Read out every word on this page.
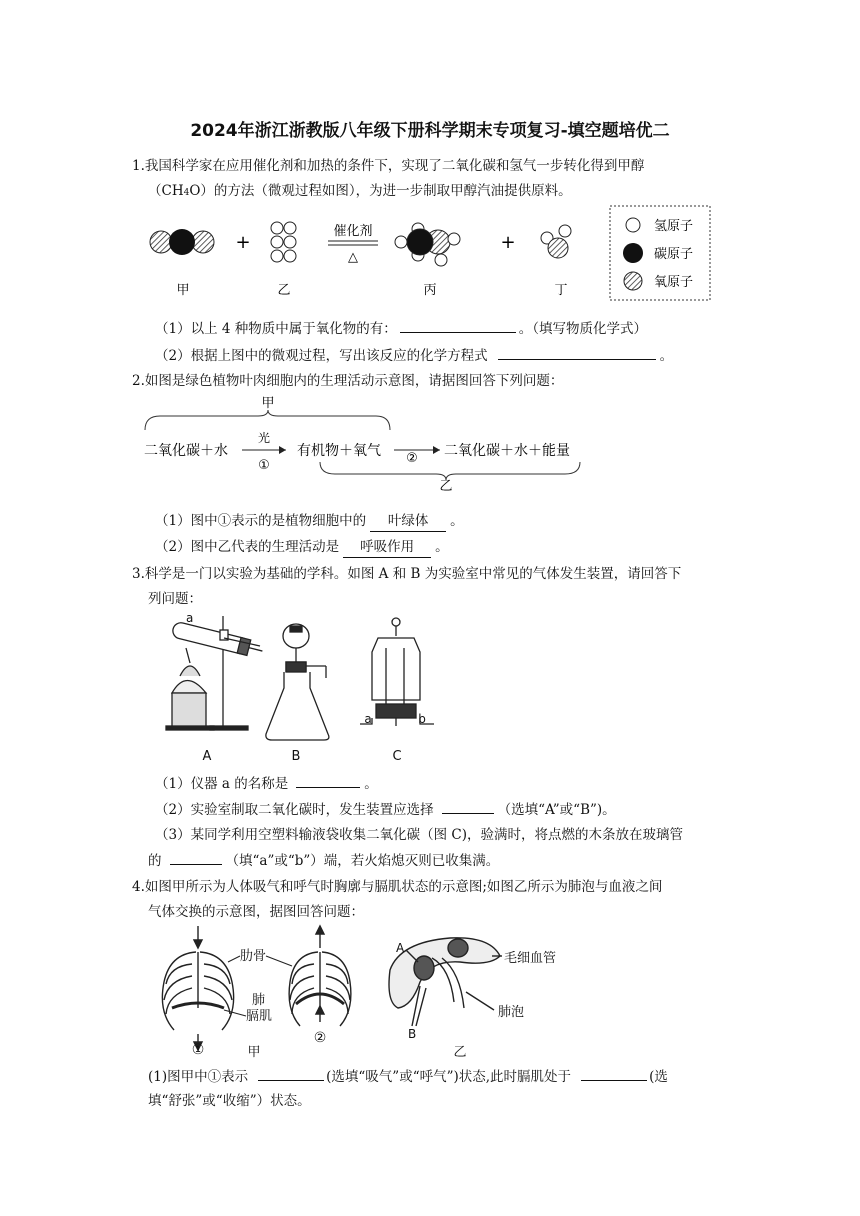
2024年浙江浙教版八年级下册科学期末专项复习-填空题培优二
1.我国科学家在应用催化剂和加热的条件下，实现了二氧化碳和氢气一步转化得到甲醇
（CH4O）的方法（微观过程如图），为进一步制取甲醇汽油提供原料。
+
催化剂
△
+
甲	乙	丙	丁
氢原子
碳原子
氧原子
（1）以上 4 种物质中属于氧化物的有：	。（填写物质化学式）
（2）根据上图中的微观过程，写出该反应的化学方程式	。
2.如图是绿色植物叶肉细胞内的生理活动示意图，请据图回答下列问题：
甲
二氧化碳＋水
光
①
有机物＋氧气 ② 二氧化碳＋水＋能量
乙
（1）图中①表示的是植物细胞中的 叶绿体 。
（2）图中乙代表的生理活动是 呼吸作用 。
3.科学是一门以实验为基础的学科。如图 A 和 B 为实验室中常见的气体发生装置，请回答下
列问题：
a
A	B
a	b
C
（1）仪器 a 的名称是	。
（2）实验室制取二氧化碳时，发生装置应选择	（选填“A”或“B”)。
（3）某同学利用空塑料输液袋收集二氧化碳（图 C)，验满时，将点燃的木条放在玻璃管
的	（填“a”或“b”）端，若火焰熄灭则已收集满。
4.如图甲所示为人体吸气和呼气时胸廓与膈肌状态的示意图;如图乙所示为肺泡与血液之间
气体交换的示意图，据图回答问题：
肋骨
肺
膈肌
①
②
甲
A
B
毛细血管
肺泡
乙
(1)图甲中①表示	(选填“吸气”或“呼气”)状态,此时膈肌处于	(选
填“舒张”或“收缩”）状态。
